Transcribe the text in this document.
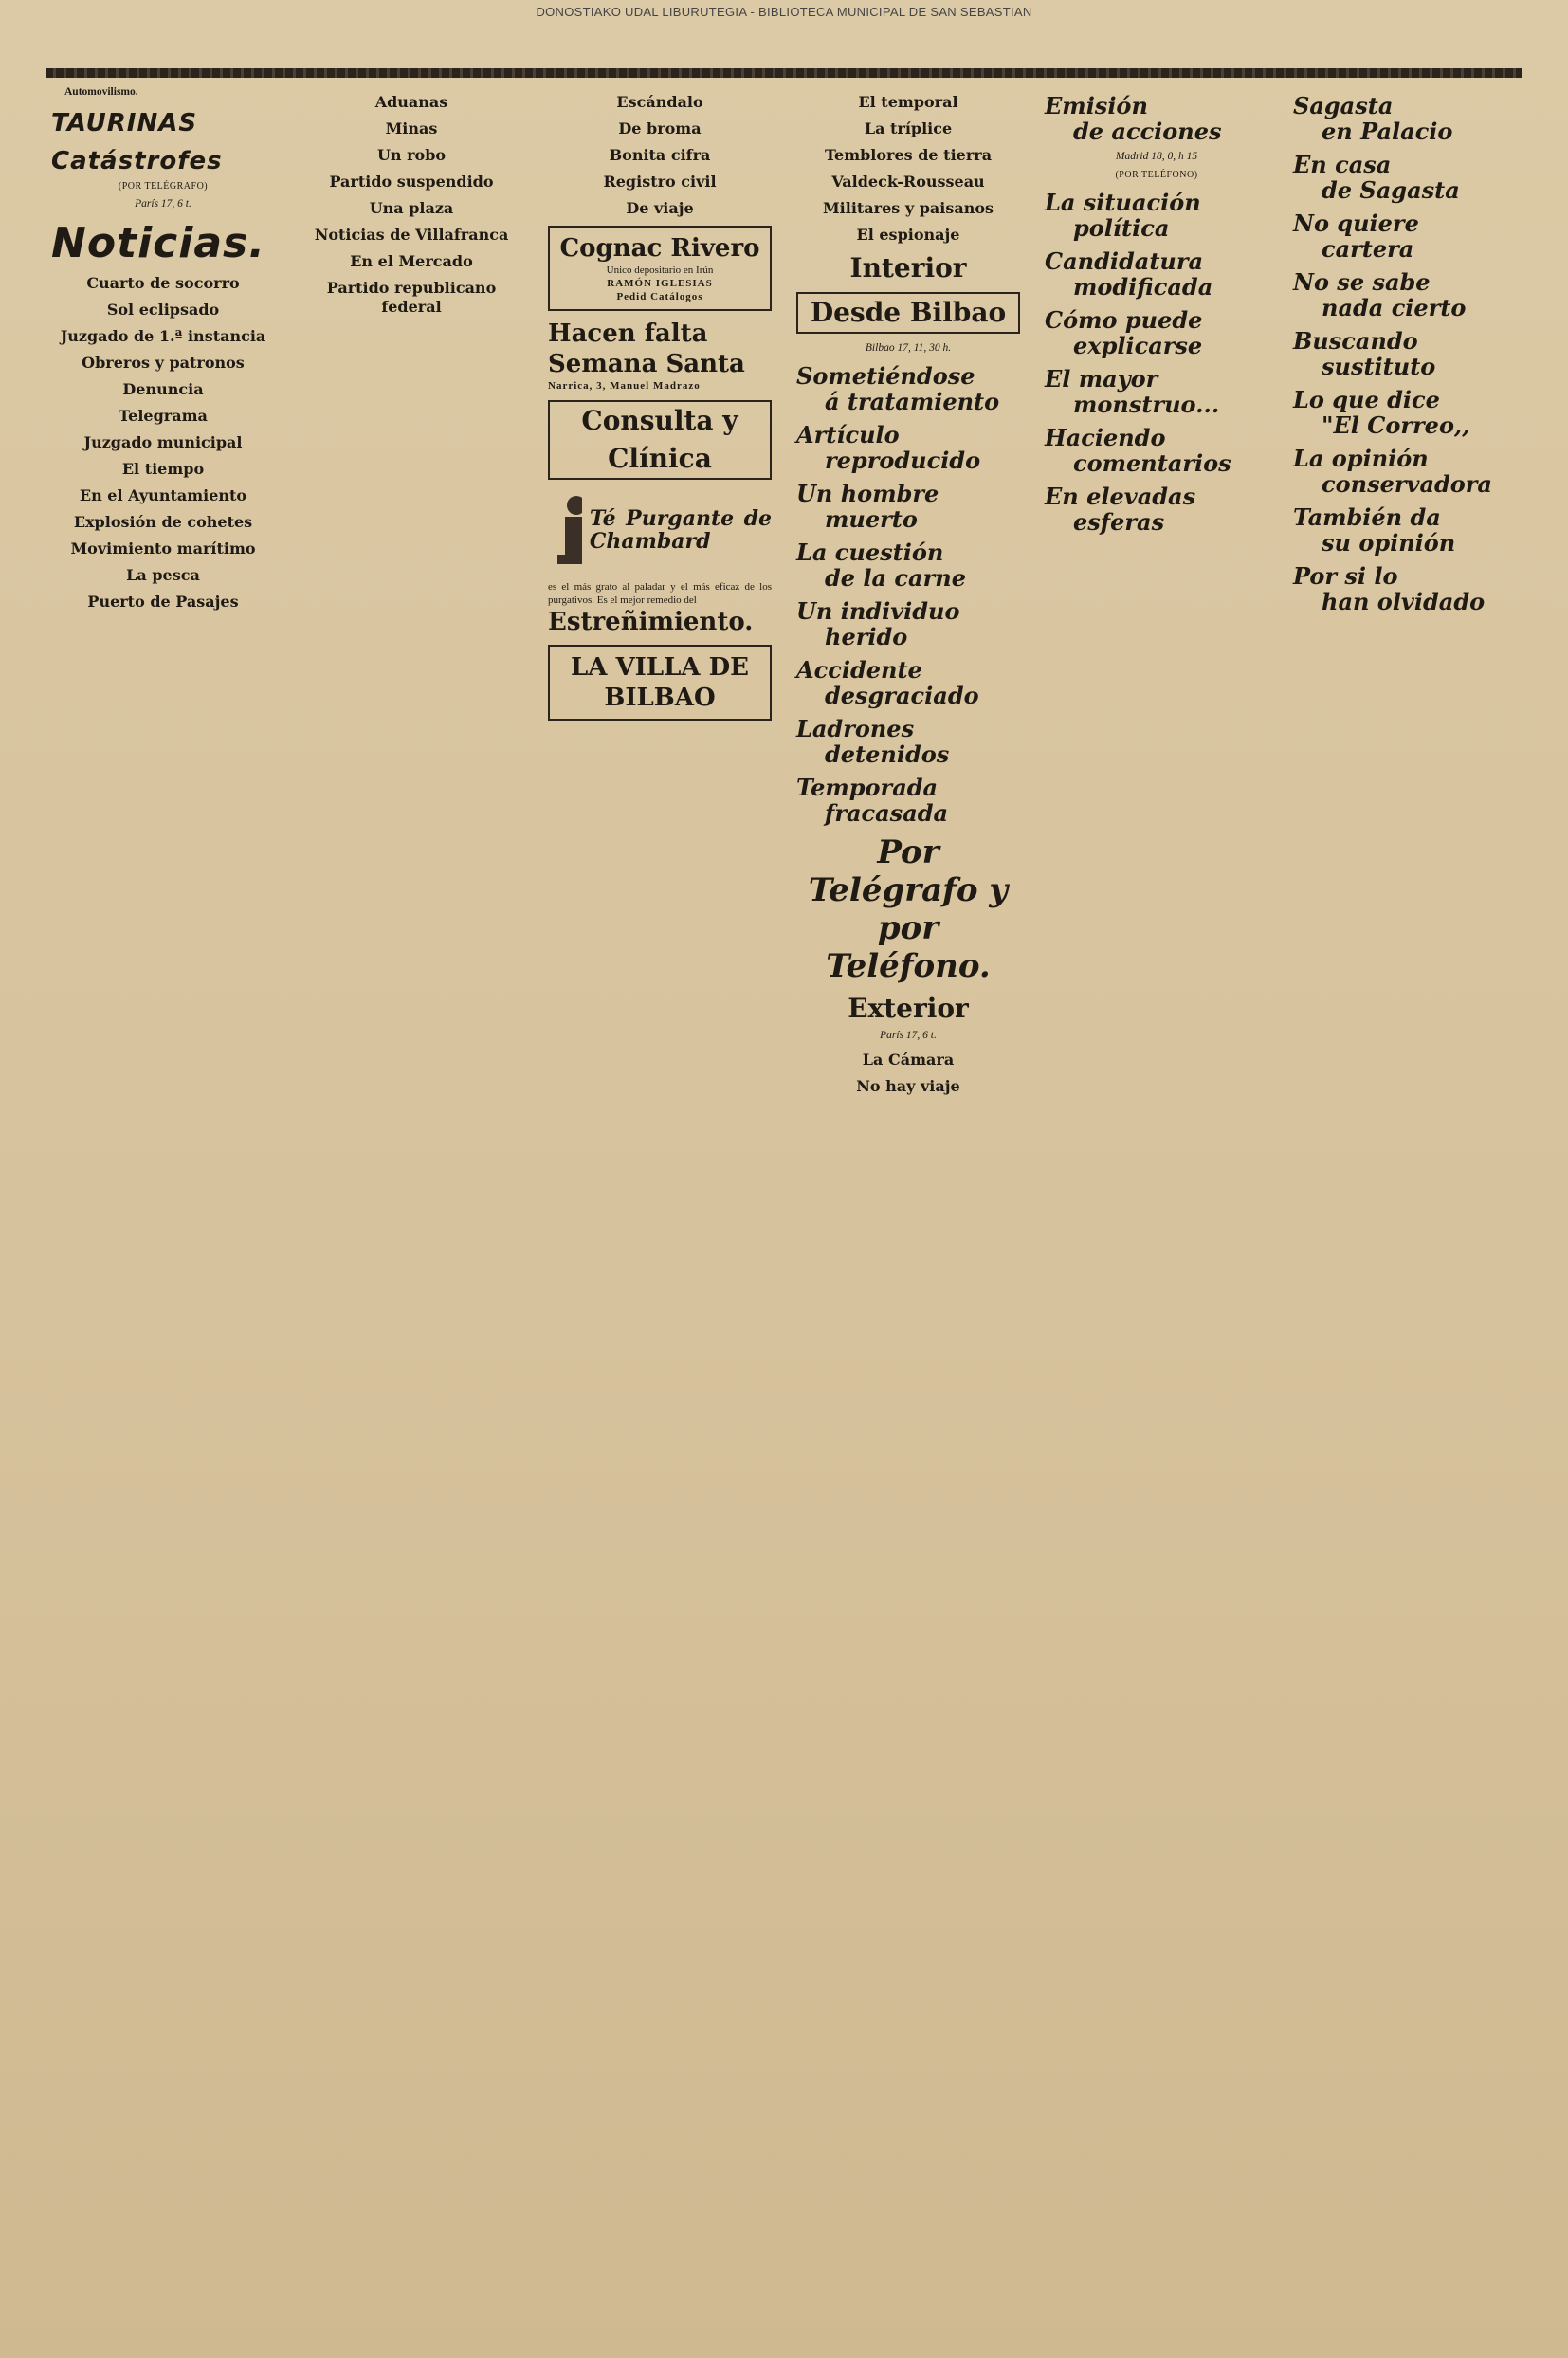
DONOSTIAKO UDAL LIBURUTEGIA - BIBLIOTECA MUNICIPAL DE SAN SEBASTIAN

Automovilismo.

TAURINAS

Catástrofes
(POR TELÉGRAFO)
París 17, 6 t.

Noticias.
Cuarto de socorro

Sol eclipsado

Juzgado de 1.ª instancia

Obreros y patronos

Denuncia

Telegrama

Juzgado municipal

El tiempo

En el Ayuntamiento

Explosión de cohetes

Movimiento marítimo

La pesca

Puerto de Pasajes

Aduanas

Minas

Un robo

Partido suspendido

Una plaza

Noticias de Villafranca

En el Mercado

Partido republicano federal

Escándalo

De broma

Bonita cifra

Registro civil

De viaje

Cognac Rivero
Unico depositario en Irún
RAMÓN IGLESIAS
Pedid Catálogos
Hacen falta
Semana Santa
Narrica, 3, Manuel Madrazo
Consulta y Clínica
Té Purgante de Chambard
es el más grato al paladar y el más eficaz de los purgativos. Es el mejor remedio del
Estreñimiento.

LA VILLA DE BILBAO

El temporal

La tríplice

Temblores de tierra

Valdeck-Rousseau

Militares y paisanos

El espionaje

Interior
Desde Bilbao
Bilbao 17, 11, 30 h.
Sometiéndose
á tratamiento

Artículo
reproducido

Un hombre
muerto

La cuestión
de la carne

Un individuo
herido

Accidente
desgraciado

Ladrones
detenidos

Temporada
fracasada

Por Telégrafo y por Teléfono.
Exterior
París 17, 6 t.
La Cámara

No hay viaje

Emisión
de acciones

Madrid 18, 0, h 15
(POR TELÉFONO)
La situación
política

Candidatura
modificada

Cómo puede
explicarse

El mayor
monstruo...

Haciendo
comentarios

En elevadas
esferas

Sagasta
en Palacio

En casa
de Sagasta

No quiere
cartera

No se sabe
nada cierto

Buscando
sustituto

Lo que dice
"El Correo,,

La opinión
conservadora

También da
su opinión

Por si lo
han olvidado
